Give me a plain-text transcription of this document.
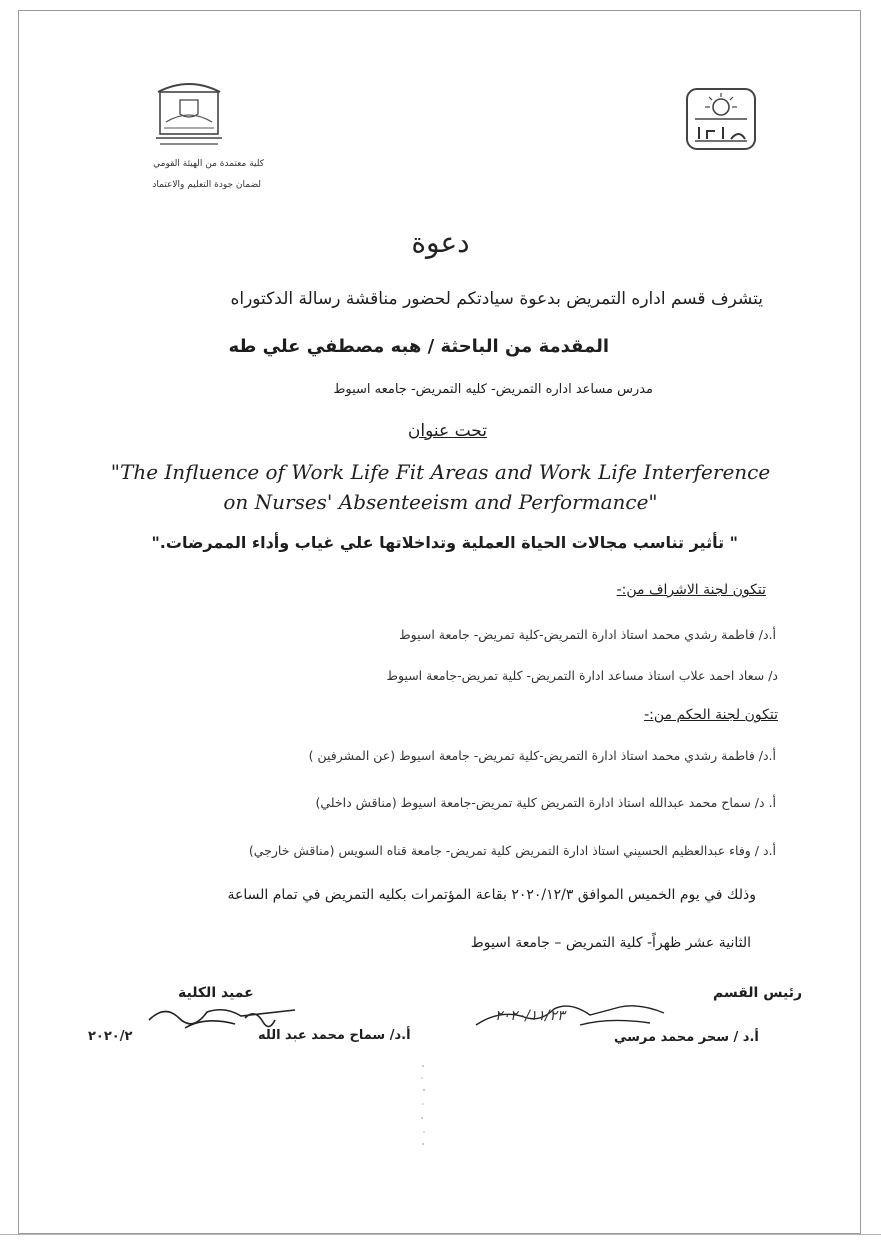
كلية معتمدة من الهيئة القومي
لضمان جودة التعليم والاعتماد
دعوة
يتشرف قسم اداره التمريض بدعوة سيادتكم لحضور مناقشة رسالة الدكتوراه
المقدمة من الباحثة / هبه مصطفي علي طه
مدرس مساعد اداره التمريض- كليه التمريض- جامعه اسيوط
تحت عنوان
"The Influence of Work Life Fit Areas and Work Life Interference
on Nurses' Absenteeism and Performance"
" تأثير تناسب مجالات الحياة العملية وتداخلاتها علي غياب وأداء الممرضات."
تتكون لجنة الاشراف من:-
أ.د/ فاطمة رشدي محمد استاذ ادارة التمريض-كلية تمريض- جامعة اسيوط
د/ سعاد احمد علاب استاذ مساعد ادارة التمريض- كلية تمريض-جامعة اسيوط
تتكون لجنة الحكم من:-
أ.د/ فاطمة رشدي محمد استاذ ادارة التمريض-كلية تمريض- جامعة اسيوط (عن المشرفين )
أ. د/ سماح محمد عبدالله استاذ ادارة التمريض كلية تمريض-جامعة اسيوط (مناقش داخلي)
أ.د / وفاء عبدالعظيم الحسيني استاذ ادارة التمريض كلية تمريض- جامعة قناه السويس (مناقش خارجي)
وذلك في يوم الخميس الموافق ٢٠٢٠/١٢/٣ بقاعة المؤتمرات بكليه التمريض في تمام الساعة
الثانية عشر ظهراً- كلية التمريض – جامعة اسيوط
عميد الكلية
أ.د/ سماح محمد عبد الله
٢٠٢٠/٢
رئيس القسم
٢٠٢٠/١١/٢٣
أ.د / سحر محمد مرسي
